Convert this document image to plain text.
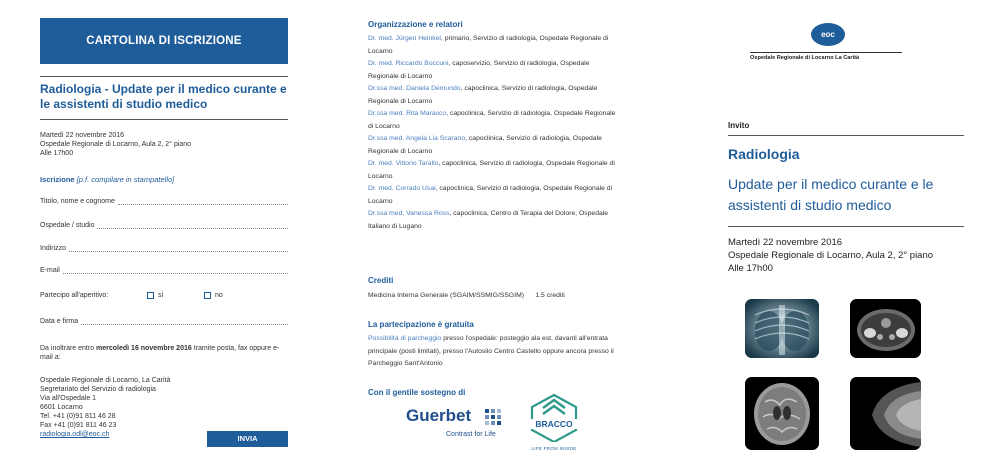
CARTOLINA DI ISCRIZIONE
Radiologia - Update per il medico curante e le assistenti di studio medico
Martedì 22 novembre 2016
Ospedale Regionale di Locarno, Aula 2, 2° piano
Alle 17h00
Iscrizione [p.f. compilare in stampatello]
Titolo, nome e cognome
Ospedale / studio
Indirizzo
E-mail
Partecipo all'aperitivo:	sì	no
Data e firma
Da inoltrare entro mercoledì 16 novembre 2016 tramite posta, fax oppure e-mail a:
Ospedale Regionale di Locarno, La Carità
Segretariato del Servizio di radiologia
Via all'Ospedale 1
6601 Locarno
Tel. +41 (0)91 811 46 28
Fax +41 (0)91 811 46 23
radiologia.odl@eoc.ch	INVIA
Organizzazione e relatori
Dr. med. Jürgen Heinkel, primario, Servizio di radiologia, Ospedale Regionale di Locarno
Dr. med. Riccardo Boccuni, caposervizio, Servizio di radiologia, Ospedale Regionale di Locarno
Dr.ssa med. Daniela Demundo, capoclinica, Servizio di radiologia, Ospedale Regionale di Locarno
Dr.ssa med. Rita Marasco, capoclinica, Servizio di radiologia, Ospedale Regionale di Locarno
Dr.ssa med. Angela Lia Scarano, capoclinica, Servizio di radiologia, Ospedale Regionale di Locarno
Dr. med. Vittorio Tarallo, capoclinica, Servizio di radiologia, Ospedale Regionale di Locarno
Dr. med. Corrado Usai, capoclinica, Servizio di radiologia, Ospedale Regionale di Locarno
Dr.ssa med. Vanessa Ross, capoclinica, Centro di Terapia del Dolore, Ospedale Italiano di Lugano
Crediti
Medicina Interna Generale (SGAIM/SSMIG/SSGIM)      1.5 crediti
La partecipazione è gratuita
Possibilità di parcheggio presso l'ospedale: posteggio ala est, davanti all'entrata principale (posti limitati), presso l'Autosilo Centro Castello oppure ancora presso il Parcheggio Sant'Antonio
Con il gentile sostegno di
Guerbet
Contrast for Life
BRACCO
LIFE FROM INSIDE
eoc
Ospedale Regionale di Locarno La Carità
Invito
Radiologia
Update per il medico curante e le assistenti di studio medico
Martedì 22 novembre 2016
Ospedale Regionale di Locarno, Aula 2, 2° piano
Alle 17h00
